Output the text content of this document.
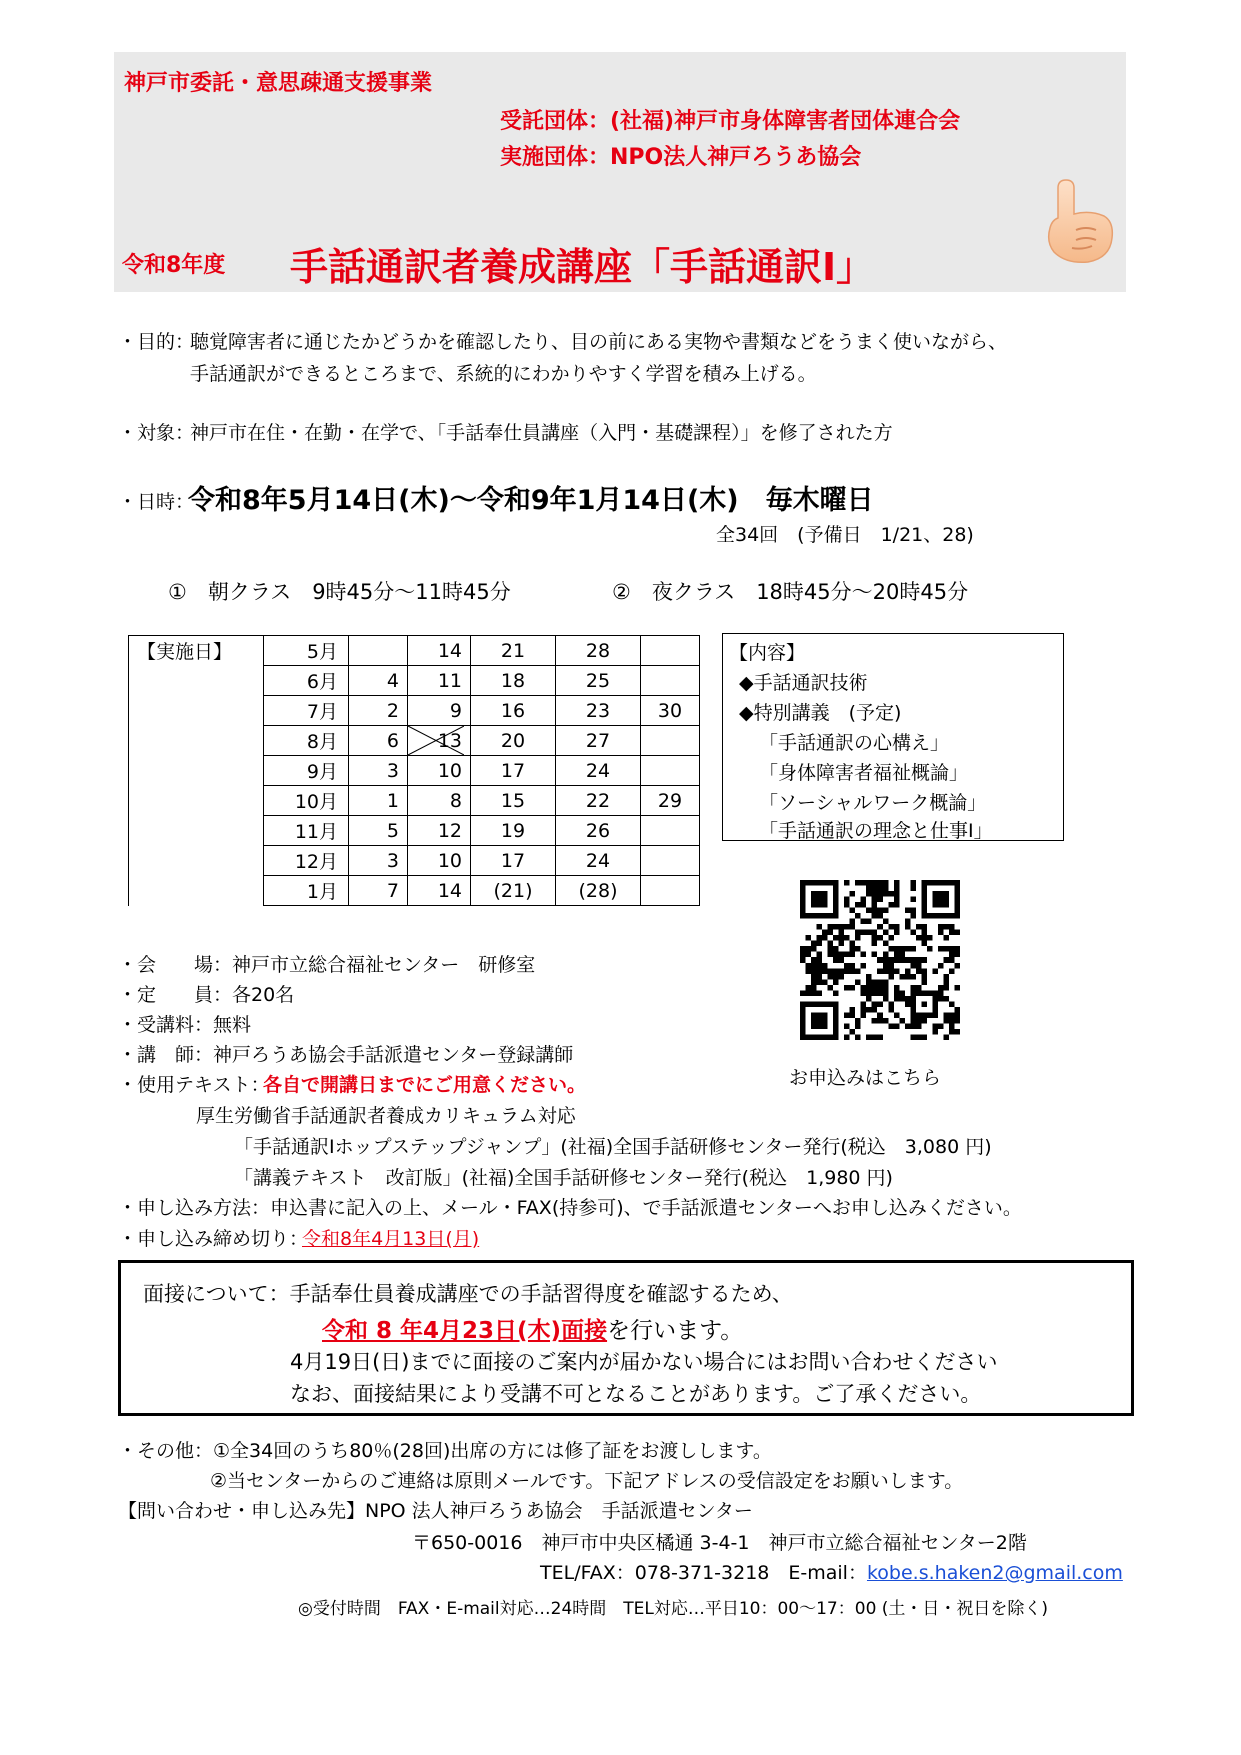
神戸市委託・意思疎通支援事業
受託団体：(社福)神戸市身体障害者団体連合会
実施団体：NPO法人神戸ろうあ協会
令和8年度 手話通訳者養成講座「手話通訳Ⅰ」
・目的：
聴覚障害者に通じたかどうかを確認したり、目の前にある実物や書類などをうまく使いながら、
手話通訳ができるところまで、系統的にわかりやすく学習を積み上げる。
・対象：
神戸市在住・在勤・在学で、「手話奉仕員講座（入門・基礎課程）」を修了された方
・日時：
令和8年5月14日(木)～令和9年1月14日(木)　毎木曜日
全34回　(予備日　1/21、28)
①　朝クラス　9時45分～11時45分	②　夜クラス　18時45分～20時45分
【実施日】	5月		14	21	28	
	6月	4	11	18	25	
	7月	2	9	16	23	30
	8月	6	13	20	27	
	9月	3	10	17	24	
	10月	1	8	15	22	29
	11月	5	12	19	26	
	12月	3	10	17	24	
	1月	7	14	(21)	(28)	
【内容】
◆手話通訳技術
◆特別講義　(予定)
「手話通訳の心構え」
「身体障害者福祉概論」
「ソーシャルワーク概論」
「手話通訳の理念と仕事Ⅰ」
お申込みはこちら
・会　　場：神戸市立総合福祉センター　研修室
・定　　員：各20名
・受講料：無料
・講　師：神戸ろうあ協会手話派遣センター登録講師
・使用テキスト：
各自で開講日までにご用意ください。
厚生労働省手話通訳者養成カリキュラム対応
「手話通訳Ⅰホップステップジャンプ」(社福)全国手話研修センター発行(税込　3,080 円)
「講義テキスト　改訂版」(社福)全国手話研修センター発行(税込　1,980 円)
・申し込み方法：申込書に記入の上、メール・FAX(持参可)、で手話派遣センターへお申し込みください。
・申し込み締め切り：
令和8年4月13日(月)
面接について：手話奉仕員養成講座での手話習得度を確認するため、
令和 8 年4月23日(木)面接を行います。
4月19日(日)までに面接のご案内が届かない場合にはお問い合わせください
なお、面接結果により受講不可となることがあります。ご了承ください。
・その他：①全34回のうち80％(28回)出席の方には修了証をお渡しします。
②当センターからのご連絡は原則メールです。下記アドレスの受信設定をお願いします。
【問い合わせ・申し込み先】NPO 法人神戸ろうあ協会　手話派遣センター
〒650-0016　神戸市中央区橘通 3-4-1　神戸市立総合福祉センター2階
TEL/FAX：078-371-3218　E-mail：kobe.s.haken2@gmail.com
◎受付時間　FAX・E-mail対応…24時間　TEL対応…平日10：00～17：00 (土・日・祝日を除く)
